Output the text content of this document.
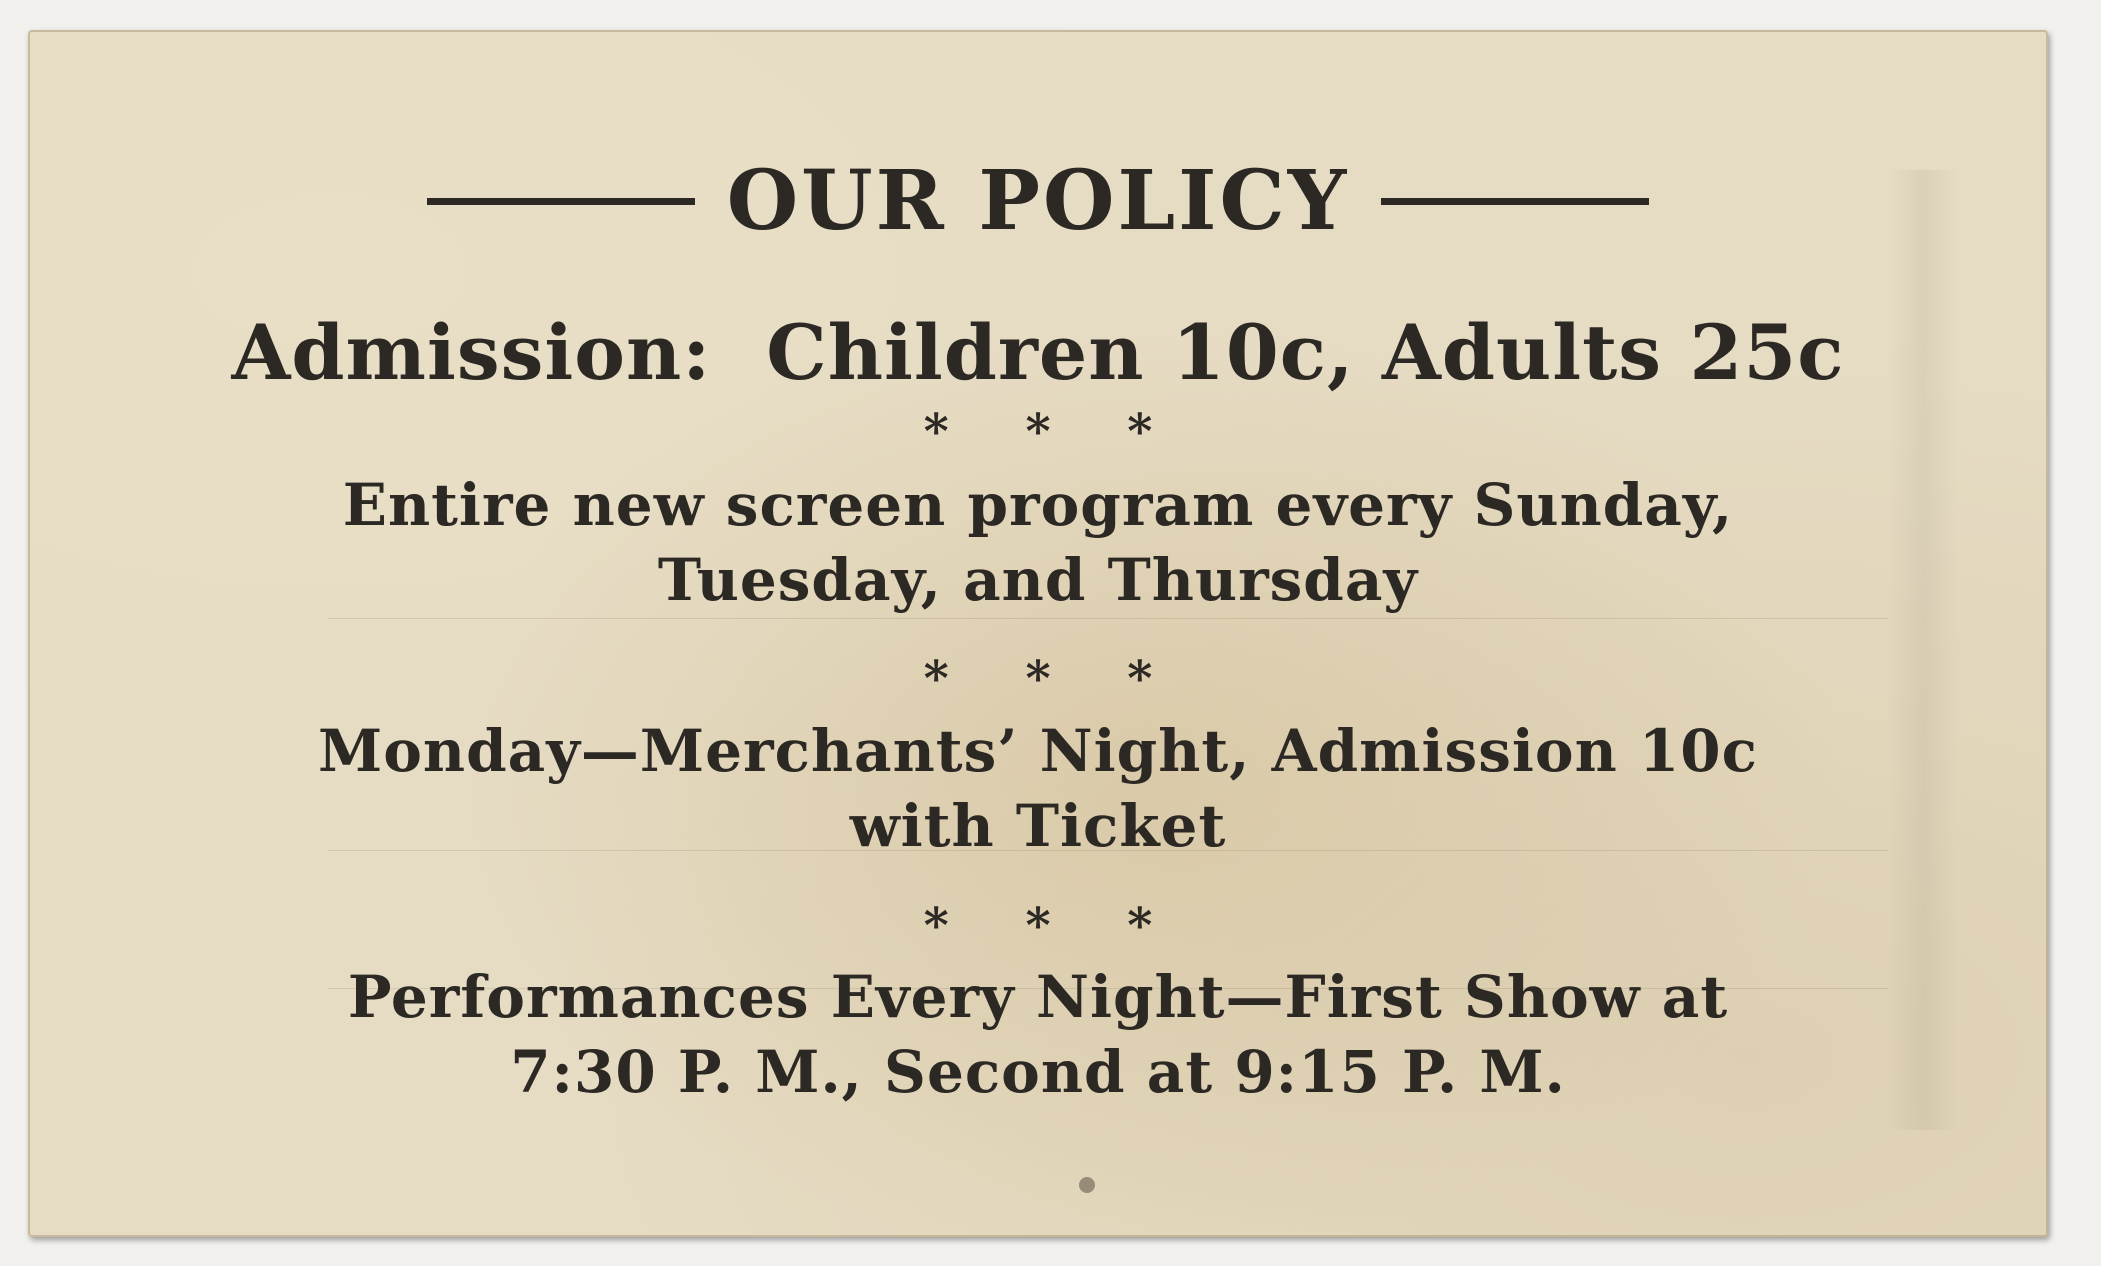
OUR POLICY
Admission:  Children 10c, Adults 25c
* * *
Entire new screen program every Sunday,
Tuesday, and Thursday
* * *
Monday—Merchants’ Night, Admission 10c
with Ticket
* * *
Performances Every Night—First Show at
7:30 P. M., Second at 9:15 P. M.
